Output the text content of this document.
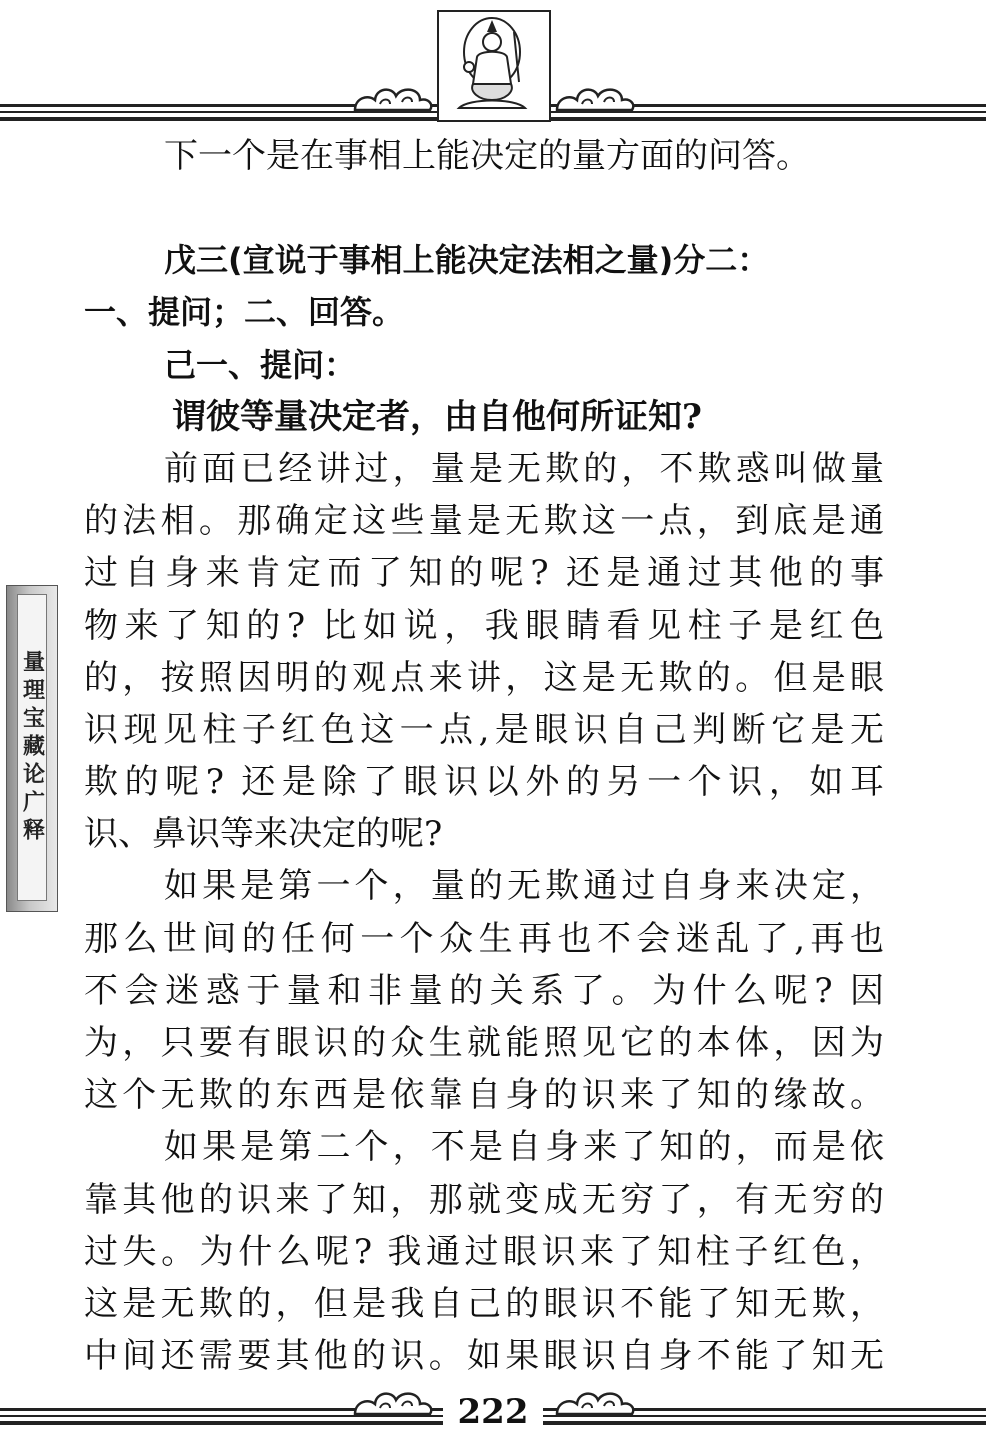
量理宝藏论广释
下一个是在事相上能决定的量方面的问答。
戊三(宣说于事相上能决定法相之量)分二：
一、提问；二、回答。
己一、提问：
谓彼等量决定者，由自他何所证知?
前面已经讲过，量是无欺的，不欺惑叫做量
的法相。那确定这些量是无欺这一点，到底是通
过自身来肯定而了知的呢? 还是通过其他的事
物来了知的? 比如说，我眼睛看见柱子是红色
的，按照因明的观点来讲，这是无欺的。但是眼
识现见柱子红色这一点,是眼识自己判断它是无
欺的呢? 还是除了眼识以外的另一个识，如耳
识、鼻识等来决定的呢?
如果是第一个，量的无欺通过自身来决定，
那么世间的任何一个众生再也不会迷乱了,再也
不会迷惑于量和非量的关系了。为什么呢? 因
为，只要有眼识的众生就能照见它的本体，因为
这个无欺的东西是依靠自身的识来了知的缘故。
如果是第二个，不是自身来了知的，而是依
靠其他的识来了知，那就变成无穷了，有无穷的
过失。为什么呢? 我通过眼识来了知柱子红色，
这是无欺的，但是我自己的眼识不能了知无欺，
中间还需要其他的识。如果眼识自身不能了知无
222
